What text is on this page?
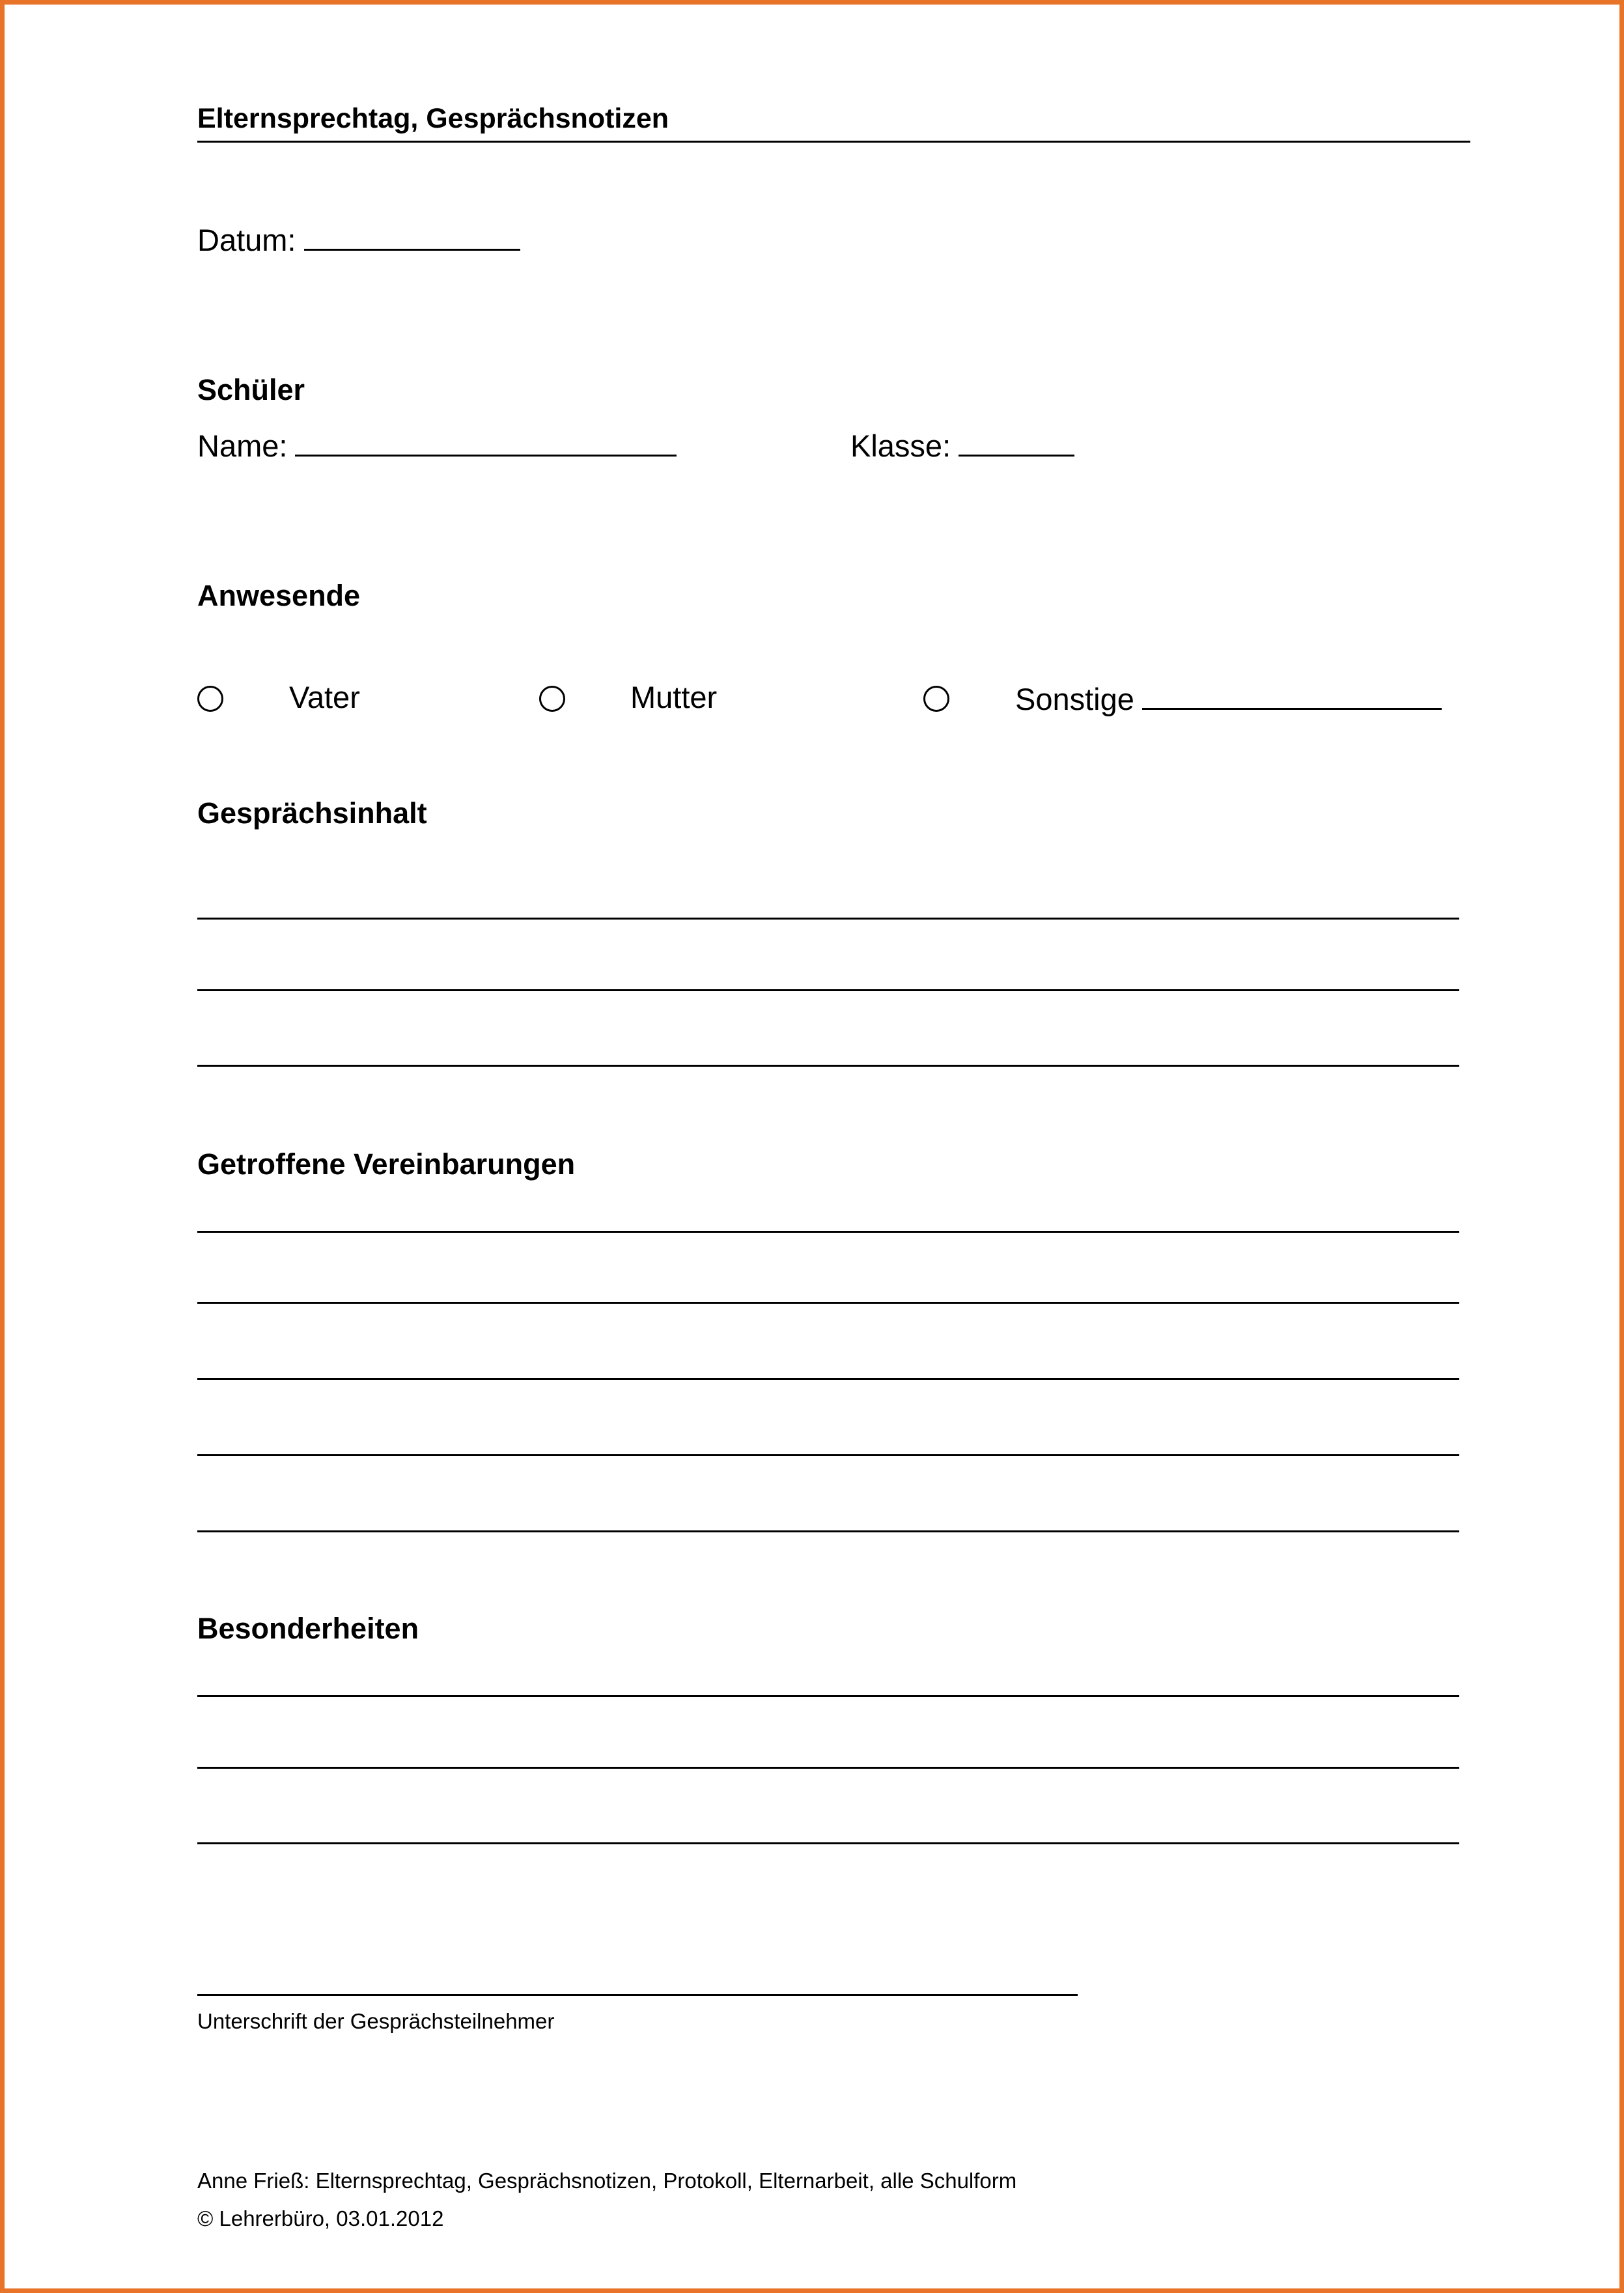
Elternsprechtag, Gesprächsnotizen
Datum:
Schüler
Name:	Klasse:
Anwesende
Vater	Mutter	Sonstige
Gesprächsinhalt
Getroffene Vereinbarungen
Besonderheiten
Unterschrift der Gesprächsteilnehmer
Anne Frieß: Elternsprechtag, Gesprächsnotizen, Protokoll, Elternarbeit, alle Schulform
© Lehrerbüro, 03.01.2012
